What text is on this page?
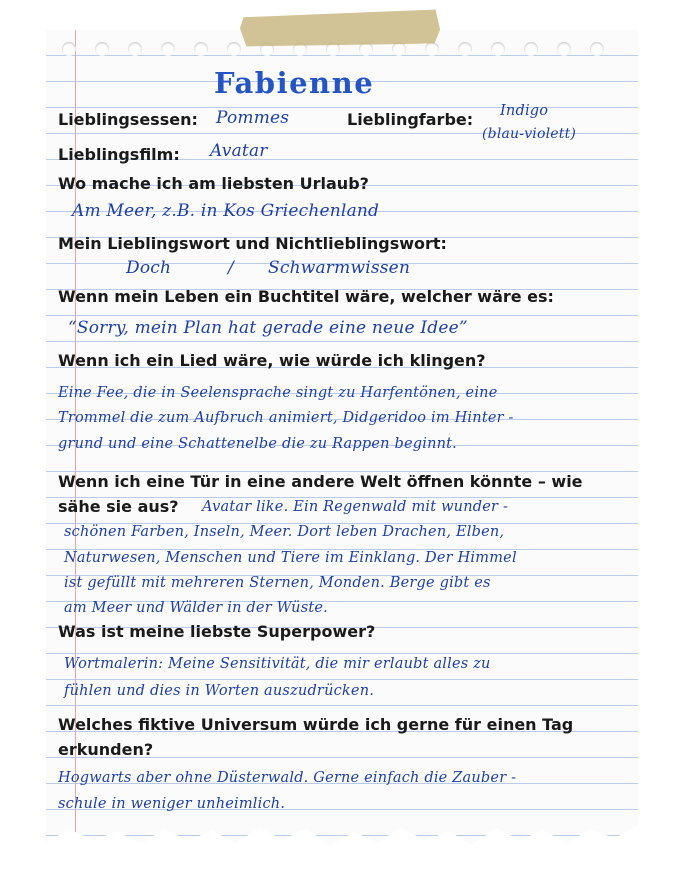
Fabienne
Lieblingsessen: Pommes	Lieblingfarbe: Indigo
(blau-violett)
Lieblingsfilm: Avatar
Wo mache ich am liebsten Urlaub?
Am Meer, z.B. in Kos Griechenland
Mein Lieblingswort und Nichtlieblingswort:
Doch	/ Schwarmwissen
Wenn mein Leben ein Buchtitel wäre, welcher wäre es:
“Sorry, mein Plan hat gerade eine neue Idee”
Wenn ich ein Lied wäre, wie würde ich klingen?
Eine Fee, die in Seelensprache singt zu Harfentönen, eine
Trommel die zum Aufbruch animiert, Didgeridoo im Hinter -
grund und eine Schattenelbe die zu Rappen beginnt.
Wenn ich eine Tür in eine andere Welt öffnen könnte – wie
sähe sie aus? Avatar like. Ein Regenwald mit wunder -
schönen Farben, Inseln, Meer. Dort leben Drachen, Elben,
Naturwesen, Menschen und Tiere im Einklang. Der Himmel
ist gefüllt mit mehreren Sternen, Monden. Berge gibt es
am Meer und Wälder in der Wüste.
Was ist meine liebste Superpower?
Wortmalerin: Meine Sensitivität, die mir erlaubt alles zu
fühlen und dies in Worten auszudrücken.
Welches fiktive Universum würde ich gerne für einen Tag
erkunden?
Hogwarts aber ohne Düsterwald. Gerne einfach die Zauber -
schule in weniger unheimlich.
